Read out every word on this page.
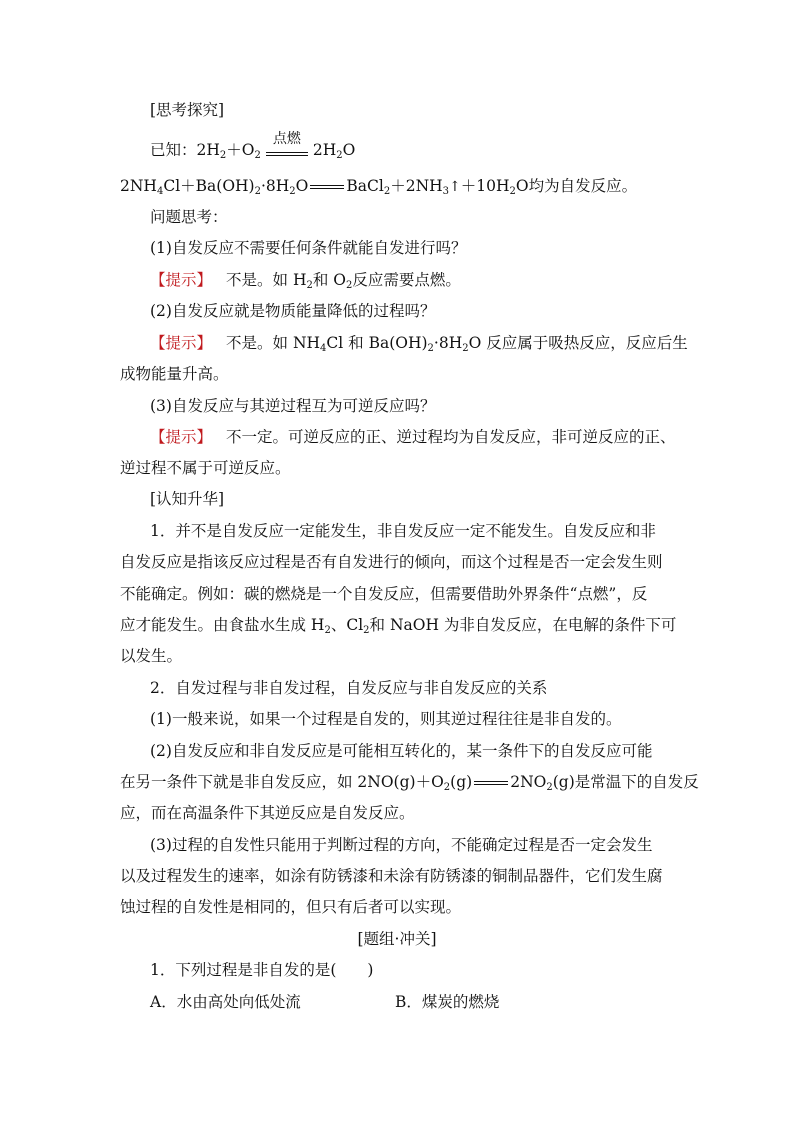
[思考探究]
已知：$2H_2+O_2$
点燃
$2H_2O$
$2NH_4Cl+Ba(OH)_2\cdot 8H_2O$ $BaCl_2+2NH_3↑+10H_2O$均为自发反应。
问题思考：
(1)自发反应不需要任何条件就能自发进行吗？
【提示】 不是。如 $H_2$和 $O_2$反应需要点燃。
(2)自发反应就是物质能量降低的过程吗？
【提示】 不是。如 $NH_4Cl$ 和 $Ba(OH)_2\cdot 8H_2O$ 反应属于吸热反应，反应后生
成物能量升高。
(3)自发反应与其逆过程互为可逆反应吗？
【提示】 不一定。可逆反应的正、逆过程均为自发反应，非可逆反应的正、
逆过程不属于可逆反应。
[认知升华]
1．并不是自发反应一定能发生，非自发反应一定不能发生。自发反应和非
自发反应是指该反应过程是否有自发进行的倾向，而这个过程是否一定会发生则
不能确定。例如：碳的燃烧是一个自发反应，但需要借助外界条件“点燃”，反
应才能发生。由食盐水生成 $H_2$、$Cl_2$和 NaOH 为非自发反应，在电解的条件下可
以发生。
2．自发过程与非自发过程，自发反应与非自发反应的关系
(1)一般来说，如果一个过程是自发的，则其逆过程往往是非自发的。
(2)自发反应和非自发反应是可能相互转化的，某一条件下的自发反应可能
在另一条件下就是非自发反应，如 $2NO(g)+O_2(g)$ $2NO_2(g)$是常温下的自发反
应，而在高温条件下其逆反应是自发反应。
(3)过程的自发性只能用于判断过程的方向，不能确定过程是否一定会发生
以及过程发生的速率，如涂有防锈漆和未涂有防锈漆的铜制品器件，它们发生腐
蚀过程的自发性是相同的，但只有后者可以实现。
[题组·冲关]
1．下列过程是非自发的是(　　)
A．水由高处向低处流	B．煤炭的燃烧
